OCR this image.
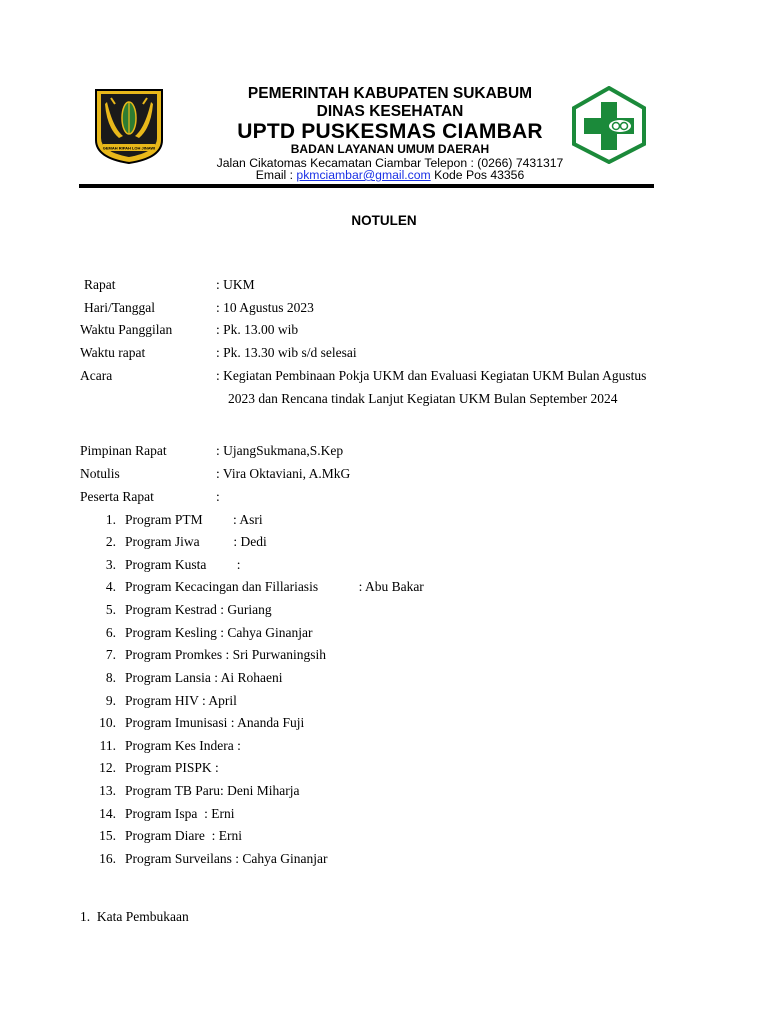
GEMAH RIPAH LOH JINAWI
PEMERINTAH KABUPATEN SUKABUM
DINAS KESEHATAN
UPTD PUSKESMAS CIAMBAR
BADAN LAYANAN UMUM DAERAH
Jalan Cikatomas Kecamatan Ciambar Telepon : (0266) 7431317
Email : pkmciambar@gmail.com Kode Pos 43356
NOTULEN
Rapat	: UKM
Hari/Tanggal	: 10 Agustus 2023
Waktu Panggilan	: Pk. 13.00 wib
Waktu rapat	: Pk. 13.30 wib s/d selesai
Acara	: Kegiatan Pembinaan Pokja UKM dan Evaluasi Kegiatan UKM Bulan Agustus
2023 dan Rencana tindak Lanjut Kegiatan UKM Bulan September 2024
Pimpinan Rapat	: UjangSukmana,S.Kep
Notulis	: Vira Oktaviani, A.MkG
Peserta Rapat	:
1. Program PTM         : Asri
2. Program Jiwa          : Dedi
3. Program Kusta         :
4. Program Kecacingan dan Fillariasis            : Abu Bakar
5. Program Kestrad : Guriang
6. Program Kesling : Cahya Ginanjar
7. Program Promkes : Sri Purwaningsih
8. Program Lansia : Ai Rohaeni
9. Program HIV : April
10. Program Imunisasi : Ananda Fuji
11. Program Kes Indera :
12. Program PISPK :
13. Program TB Paru: Deni Miharja
14. Program Ispa  : Erni
15. Program Diare  : Erni
16. Program Surveilans : Cahya Ginanjar
1.  Kata Pembukaan
